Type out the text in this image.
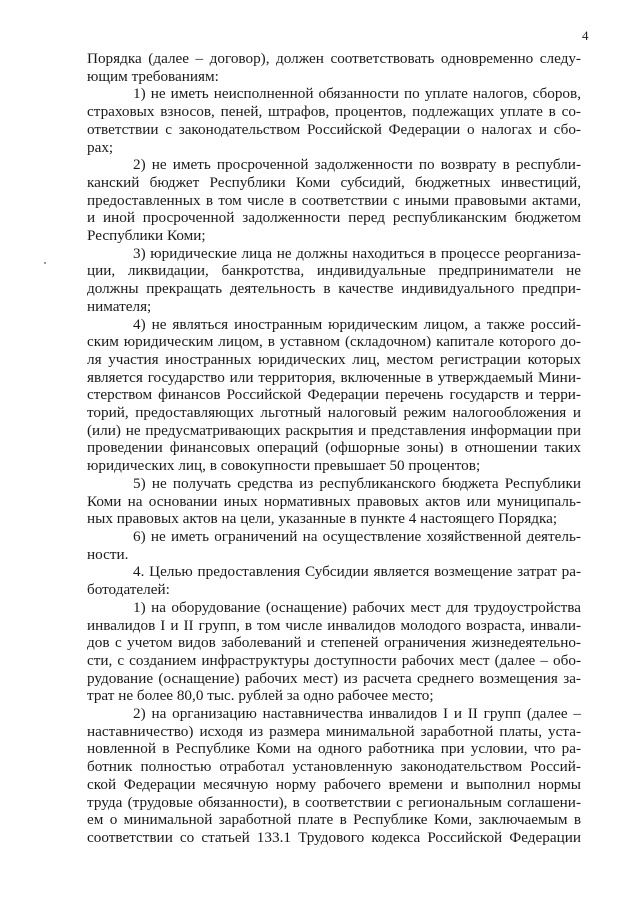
4
Порядка (далее – договор), должен соответствовать одновременно следу-
ющим требованиям:
1) не иметь неисполненной обязанности по уплате налогов, сборов,
страховых взносов, пеней, штрафов, процентов, подлежащих уплате в со-
ответствии с законодательством Российской Федерации о налогах и сбо-
рах;
2) не иметь просроченной задолженности по возврату в республи-
канский бюджет Республики Коми субсидий, бюджетных инвестиций,
предоставленных в том числе в соответствии с иными правовыми актами,
и иной просроченной задолженности перед республиканским бюджетом
Республики Коми;
3) юридические лица не должны находиться в процессе реорганиза-
ции, ликвидации, банкротства, индивидуальные предприниматели не
должны прекращать деятельность в качестве индивидуального предпри-
нимателя;
4) не являться иностранным юридическим лицом, а также россий-
ским юридическим лицом, в уставном (складочном) капитале которого до-
ля участия иностранных юридических лиц, местом регистрации которых
является государство или территория, включенные в утверждаемый Мини-
стерством финансов Российской Федерации перечень государств и терри-
торий, предоставляющих льготный налоговый режим налогообложения и
(или) не предусматривающих раскрытия и представления информации при
проведении финансовых операций (офшорные зоны) в отношении таких
юридических лиц, в совокупности превышает 50 процентов;
5) не получать средства из республиканского бюджета Республики
Коми на основании иных нормативных правовых актов или муниципаль-
ных правовых актов на цели, указанные в пункте 4 настоящего Порядка;
6) не иметь ограничений на осуществление хозяйственной деятель-
ности.
4. Целью предоставления Субсидии является возмещение затрат ра-
ботодателей:
1) на оборудование (оснащение) рабочих мест для трудоустройства
инвалидов I и II групп, в том числе инвалидов молодого возраста, инвали-
дов с учетом видов заболеваний и степеней ограничения жизнедеятельно-
сти, с созданием инфраструктуры доступности рабочих мест (далее – обо-
рудование (оснащение) рабочих мест) из расчета среднего возмещения за-
трат не более 80,0 тыс. рублей за одно рабочее место;
2) на организацию наставничества инвалидов I и II групп (далее –
наставничество) исходя из размера минимальной заработной платы, уста-
новленной в Республике Коми на одного работника при условии, что ра-
ботник полностью отработал установленную законодательством Россий-
ской Федерации месячную норму рабочего времени и выполнил нормы
труда (трудовые обязанности), в соответствии с региональным соглашени-
ем о минимальной заработной плате в Республике Коми, заключаемым в
соответствии со статьей 133.1 Трудового кодекса Российской Федерации
